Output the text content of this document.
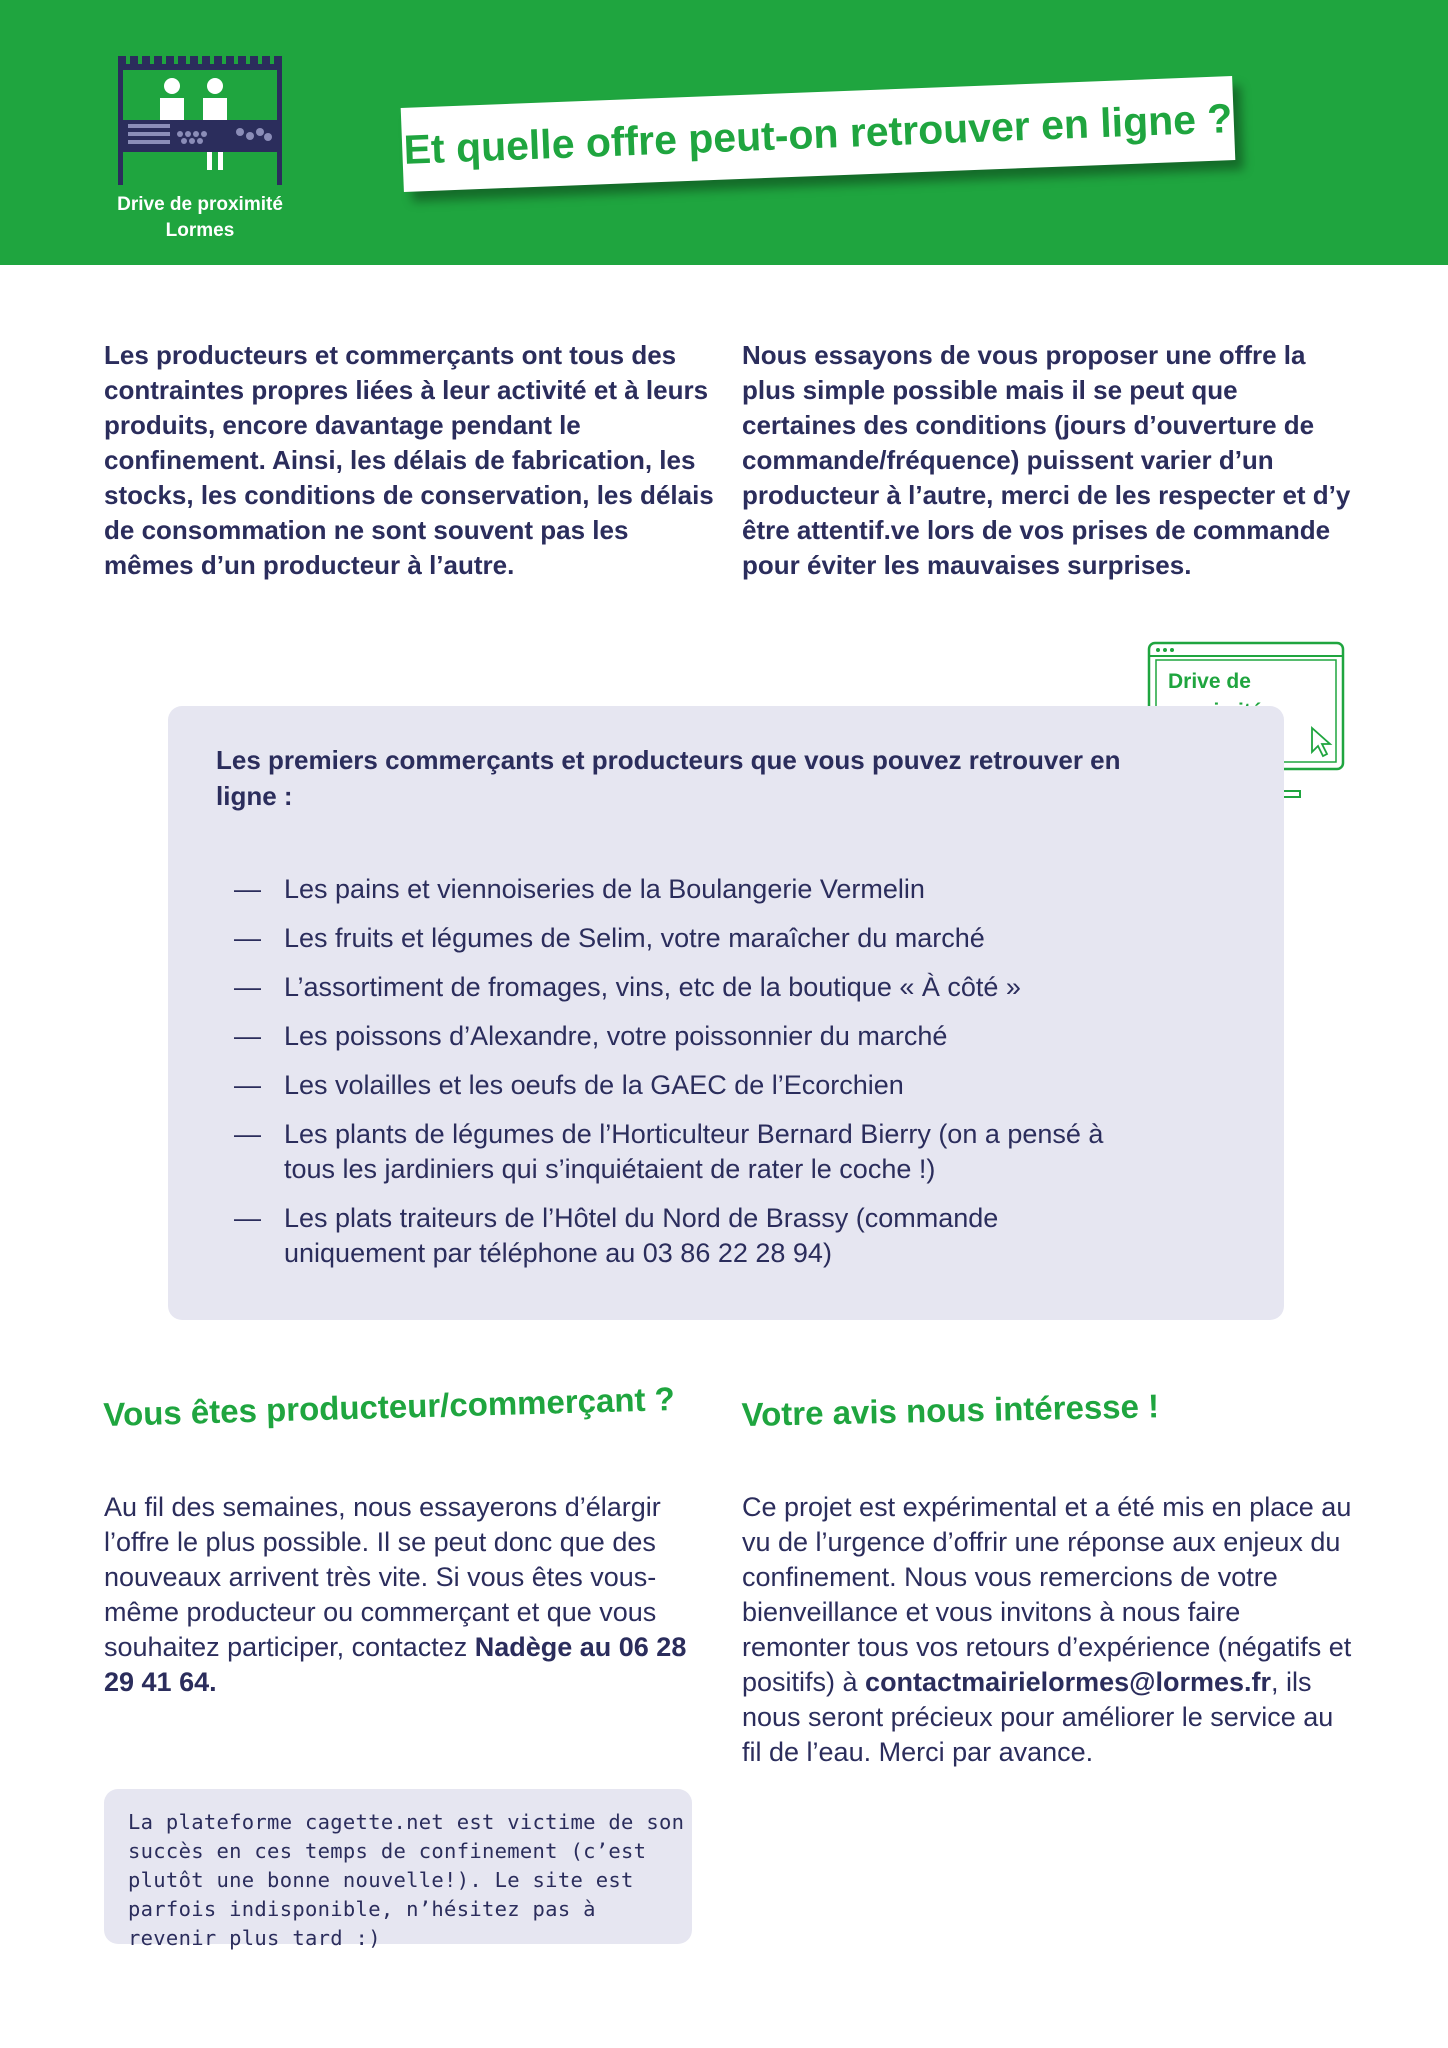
Drive de proximité
Lormes
Et quelle offre peut-on retrouver en ligne ?

Les producteurs et commerçants ont tous des contraintes propres liées à leur activité et à leurs produits, encore davantage pendant le confinement. Ainsi, les délais de fabrication, les stocks, les conditions de conservation, les délais de consommation ne sont souvent pas les mêmes d’un producteur à l’autre.

Nous essayons de vous proposer une offre la plus simple possible mais il se peut que certaines des conditions (jours d’ouverture de commande/fréquence) puissent varier d’un producteur à l’autre, merci de les respecter et d’y être attentif.ve lors de vos prises de commande pour éviter les mauvaises surprises.

Drive de
Les premiers commerçants et producteurs que vous pouvez retrouver en ligne :
— Les pains et viennoiseries de la Boulangerie Vermelin
— Les fruits et légumes de Selim, votre maraîcher du marché
— L’assortiment de fromages, vins, etc de la boutique « À côté »
— Les poissons d’Alexandre, votre poissonnier du marché
— Les volailles et les oeufs de la GAEC de l’Ecorchien
— Les plants de légumes de l’Horticulteur Bernard Bierry (on a pensé à tous les jardiniers qui s’inquiétaient de rater le coche !)
— Les plats traiteurs de l’Hôtel du Nord de Brassy (commande uniquement par téléphone au 03 86 22 28 94)
Vous êtes producteur/commerçant ? Votre avis nous intéresse !

Au fil des semaines, nous essayerons d’élargir l’offre le plus possible. Il se peut donc que des nouveaux arrivent très vite. Si vous êtes vous-même producteur ou commerçant et que vous souhaitez participer, contactez Nadège au 06 28 29 41 64.

Ce projet est expérimental et a été mis en place au vu de l’urgence d’offrir une réponse aux enjeux du confinement. Nous vous remercions de votre bienveillance et vous invitons à nous faire remonter tous vos retours d’expérience (négatifs et positifs) à contactmairielormes@lormes.fr, ils nous seront précieux pour améliorer le service au fil de l’eau. Merci par avance.

La plateforme cagette.net est victime de son succès en ces temps de confinement (c’est plutôt une bonne nouvelle!). Le site est parfois indisponible, n’hésitez pas à revenir plus tard :)
